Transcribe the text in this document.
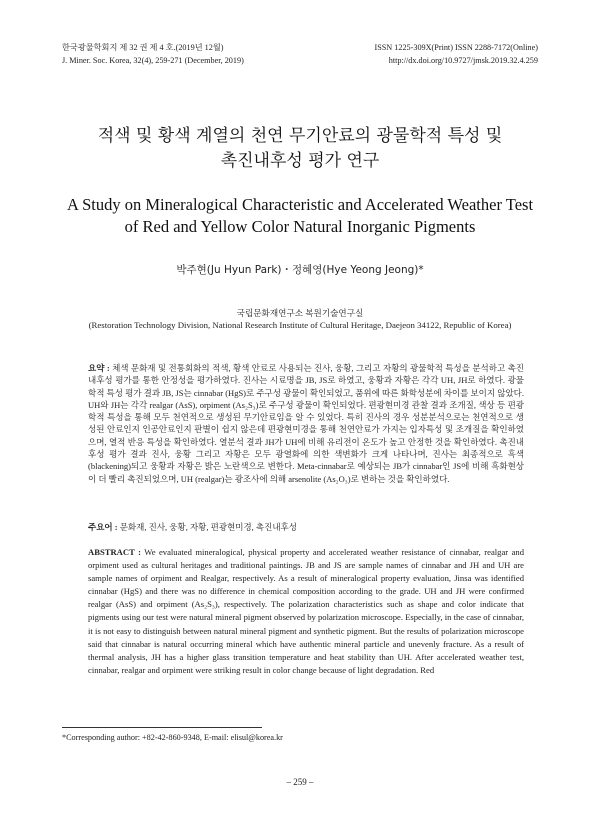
한국광물학회지 제 32 권 제 4 호.(2019년 12월)
J. Miner. Soc. Korea, 32(4), 259-271 (December, 2019)
ISSN 1225-309X(Print) ISSN 2288-7172(Online)
http://dx.doi.org/10.9727/jmsk.2019.32.4.259
적색 및 황색 계열의 천연 무기안료의 광물학적 특성 및
촉진내후성 평가 연구
A Study on Mineralogical Characteristic and Accelerated Weather Test
of Red and Yellow Color Natural Inorganic Pigments
박주현(Ju Hyun Park)・정혜영(Hye Yeong Jeong)*
국립문화재연구소 복원기술연구실
(Restoration Technology Division, National Research Institute of Cultural Heritage, Daejeon 34122, Republic of Korea)
요약 : 체색 문화재 및 전통회화의 적색, 황색 안료로 사용되는 진사, 웅황, 그리고 자황의 광물학적 특성을 분석하고 촉진내후성 평가를 통한 안정성을 평가하였다. 진사는 시료명을 JB, JS로 하였고, 웅황과 자황은 각각 UH, JH로 하였다. 광물학적 특성 평가 결과 JB, JS는 cinnabar (HgS)로 주구성 광물이 확인되었고, 품위에 따른 화학성분에 차이를 보이지 않았다. UH와 JH는 각각 realgar (AsS), orpiment (As₂S₃)로 주구성 광물이 확인되었다. 편광현미경 관찰 결과 조개질, 색상 등 편광학적 특성을 통해 모두 천연적으로 생성된 무기안료임을 알 수 있었다. 특히 진사의 경우 성분분석으로는 천연적으로 생성된 안료인지 인공안료인지 판별이 쉽지 않은데 편광현미경을 통해 천연안료가 가지는 입자특성 및 조개질을 확인하였으며, 열적 반응 특성을 확인하였다. 열분석 결과 JH가 UH에 비해 유리전이 온도가 높고 안정한 것을 확인하였다. 촉진내후성 평가 결과 진사, 웅황 그리고 자황은 모두 광열화에 의한 색변화가 크게 나타나며, 진사는 최종적으로 흑색(blackening)되고 웅황과 자황은 밝은 노란색으로 변한다. Meta-cinnabar로 예상되는 JB가 cinnabar인 JS에 비해 흑화현상이 더 빨리 촉진되었으며, UH (realgar)는 광조사에 의해 arsenolite (As₂O₃)로 변하는 것을 확인하였다.
주요어 : 문화재, 진사, 웅황, 자황, 편광현미경, 촉진내후성
ABSTRACT : We evaluated mineralogical, physical property and accelerated weather resistance of cinnabar, realgar and orpiment used as cultural heritages and traditional paintings. JB and JS are sample names of cinnabar and JH and UH are sample names of orpiment and Realgar, respectively. As a result of mineralogical property evaluation, Jinsa was identified cinnabar (HgS) and there was no difference in chemical composition according to the grade. UH and JH were confirmed realgar (AsS) and orpiment (As₂S₃), respectively. The polarization characteristics such as shape and color indicate that pigments using our test were natural mineral pigment observed by polarization microscope. Especially, in the case of cinnabar, it is not easy to distinguish between natural mineral pigment and synthetic pigment. But the results of polarization microscope said that cinnabar is natural occurring mineral which have authentic mineral particle and unevenly fracture. As a result of thermal analysis, JH has a higher glass transition temperature and heat stability than UH. After accelerated weather test, cinnabar, realgar and orpiment were striking result in color change because of light degradation. Red
*Corresponding author: +82-42-860-9348, E-mail: elisul@korea.kr
– 259 –
